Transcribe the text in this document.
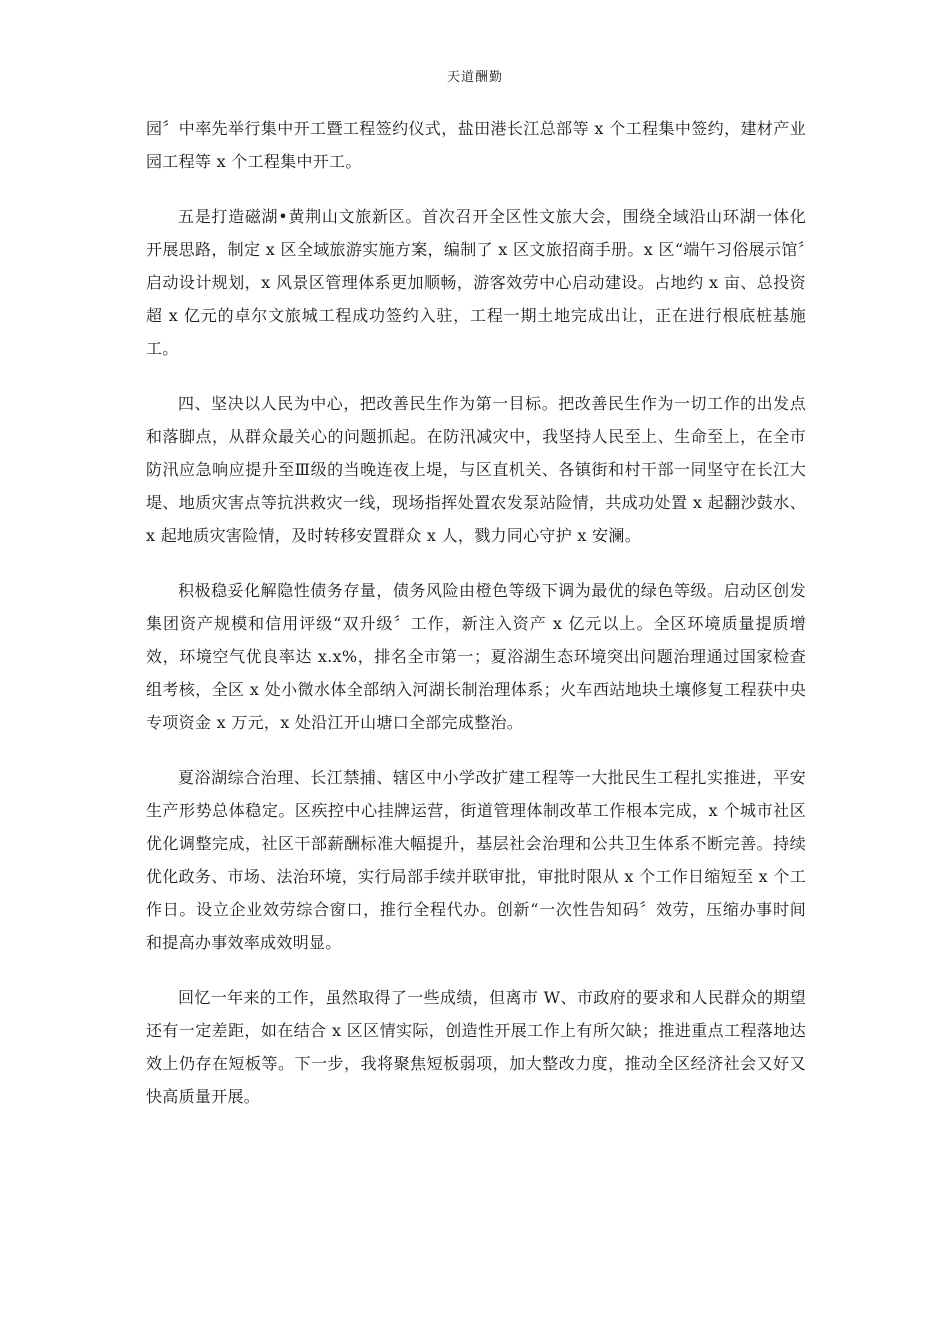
天道酬勤

园〞中率先举行集中开工暨工程签约仪式，盐田港长江总部等 x 个工程集中签约，建材产业园工程等 x 个工程集中开工。

五是打造磁湖•黄荆山文旅新区。首次召开全区性文旅大会，围绕全域沿山环湖一体化开展思路，制定 x 区全域旅游实施方案，编制了 x 区文旅招商手册。x 区“端午习俗展示馆〞启动设计规划，x 风景区管理体系更加顺畅，游客效劳中心启动建设。占地约 x 亩、总投资超 x 亿元的卓尔文旅城工程成功签约入驻，工程一期土地完成出让，正在进行根底桩基施工。

四、坚决以人民为中心，把改善民生作为第一目标。把改善民生作为一切工作的出发点和落脚点，从群众最关心的问题抓起。在防汛减灾中，我坚持人民至上、生命至上，在全市防汛应急响应提升至Ⅲ级的当晚连夜上堤，与区直机关、各镇街和村干部一同坚守在长江大堤、地质灾害点等抗洪救灾一线，现场指挥处置农发泵站险情，共成功处置 x 起翻沙鼓水、x 起地质灾害险情，及时转移安置群众 x 人，戮力同心守护 x 安澜。

积极稳妥化解隐性债务存量，债务风险由橙色等级下调为最优的绿色等级。启动区创发集团资产规模和信用评级“双升级〞工作，新注入资产 x 亿元以上。全区环境质量提质增效，环境空气优良率达 x.x%，排名全市第一；夏浴湖生态环境突出问题治理通过国家检查组考核，全区 x 处小微水体全部纳入河湖长制治理体系；火车西站地块土壤修复工程获中央专项资金 x 万元，x 处沿江开山塘口全部完成整治。

夏浴湖综合治理、长江禁捕、辖区中小学改扩建工程等一大批民生工程扎实推进，平安生产形势总体稳定。区疾控中心挂牌运营，街道管理体制改革工作根本完成，x 个城市社区优化调整完成，社区干部薪酬标准大幅提升，基层社会治理和公共卫生体系不断完善。持续优化政务、市场、法治环境，实行局部手续并联审批，审批时限从 x 个工作日缩短至 x 个工作日。设立企业效劳综合窗口，推行全程代办。创新“一次性告知码〞效劳，压缩办事时间和提高办事效率成效明显。

回忆一年来的工作，虽然取得了一些成绩，但离市 W、市政府的要求和人民群众的期望还有一定差距，如在结合 x 区区情实际，创造性开展工作上有所欠缺；推进重点工程落地达效上仍存在短板等。下一步，我将聚焦短板弱项，加大整改力度，推动全区经济社会又好又快高质量开展。
